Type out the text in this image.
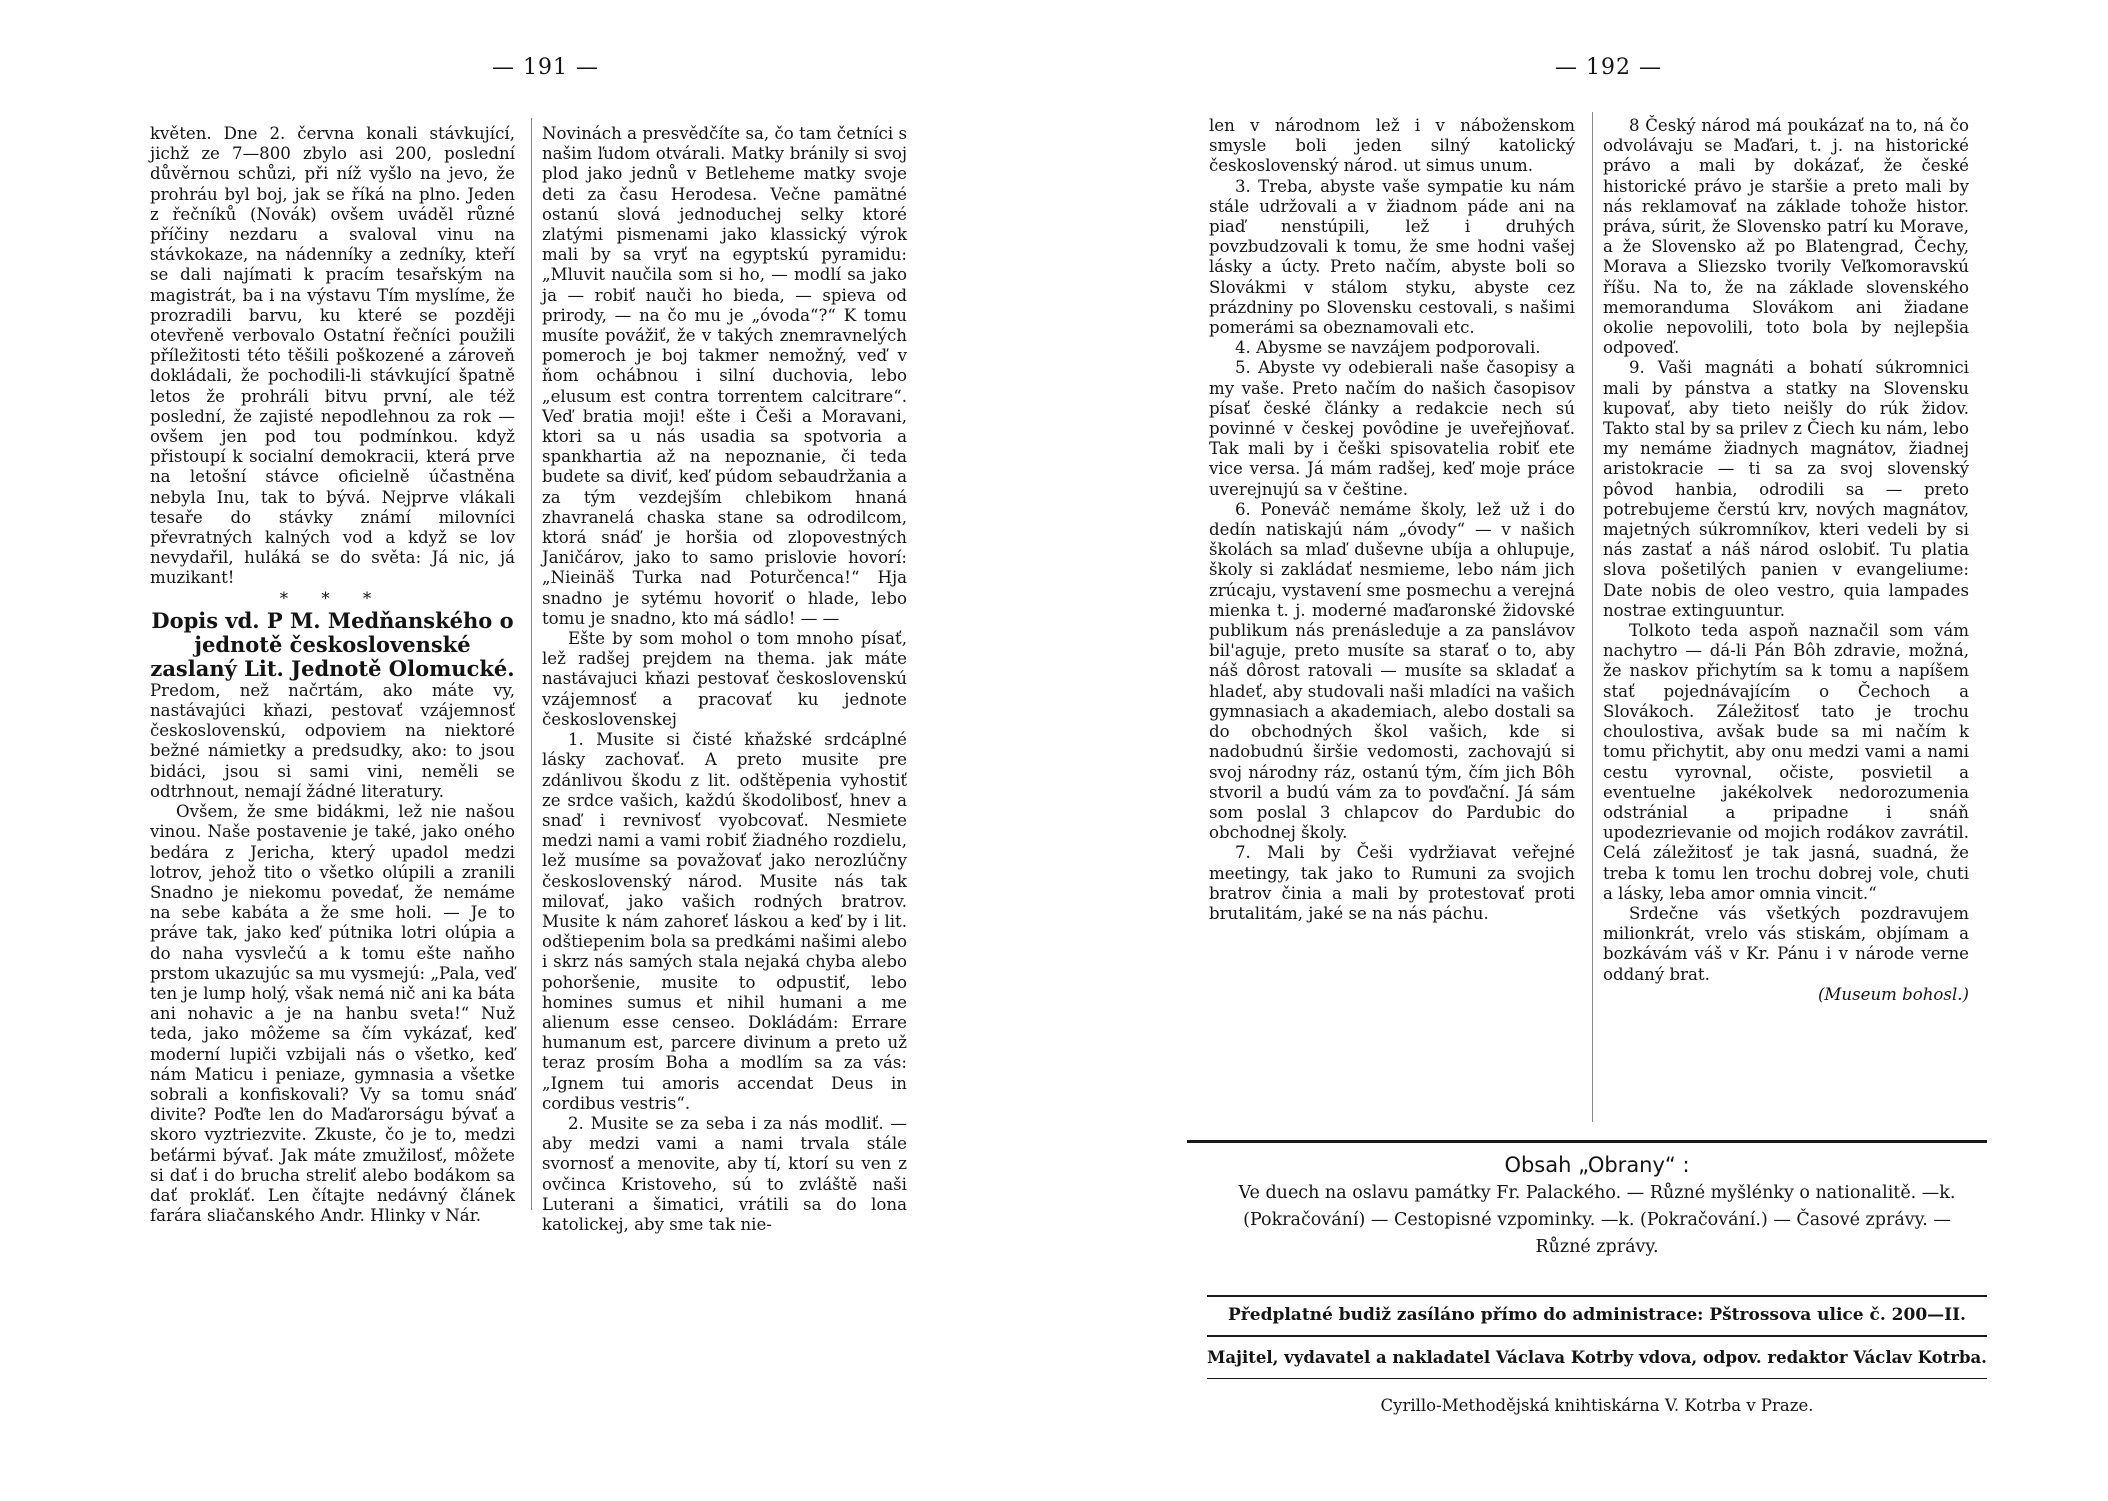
— 191 —	— 192 —

květen. Dne 2. června konali stávkující, jichž ze 7—800 zbylo asi 200, poslední důvěrnou schůzi, při níž vyšlo na jevo, že prohráu byl boj, jak se říká na plno. Jeden z řečníků (Novák) ovšem uváděl různé příčiny nezdaru a svaloval vinu na stávkokaze, na nádenníky a zedníky, kteří se dali najímati k pracím tesařským na magistrát, ba i na výstavu Tím myslíme, že prozradili barvu, ku které se později otevřeně verbovalo Ostatní řečníci použili příležitosti této těšili poškozené a zároveň dokládali, že pochodili-li stávkující špatně letos že prohráli bitvu první, ale též poslední, že zajisté nepodlehnou za rok — ovšem jen pod tou podmínkou. když přistoupí k socialní demokracii, která prve na letošní stávce oficielně účastněna nebyla Inu, tak to bývá. Nejprve vlákali tesaře do stávky známí milovníci převratných kalných vod a když se lov nevydařil, huláká se do světa: Já nic, já muzikant!

* * *

Dopis vd. P M. Medňanského o jednotě československé zaslaný Lit. Jednotě Olomucké.

Predom, než načrtám, ako máte vy, nastávajúci kňazi, pestovať vzájemnosť československú, odpoviem na niektoré bežné námietky a predsudky, ako: to jsou bidáci, jsou si sami vini, neměli se odtrhnout, nemají žádné literatury.

Ovšem, že sme bidákmi, lež nie našou vinou. Naše postavenie je také, jako oného bedára z Jericha, který upadol medzi lotrov, jehož tito o všetko olúpili a zranili Snadno je niekomu povedať, že nemáme na sebe kabáta a že sme holi. — Je to práve tak, jako keď pútnika lotri olúpia a do naha vysvlečú a k tomu ešte naňho prstom ukazujúc sa mu vysmejú: „Pala, veď ten je lump holý, však nemá nič ani ka báta ani nohavic a je na hanbu sveta!“ Nuž teda, jako môžeme sa čím vykázať, keď moderní lupiči vzbijali nás o všetko, keď nám Maticu i peniaze, gymnasia a všetke sobrali a konfiskovali? Vy sa tomu snáď divite? Poďte len do Maďarorságu bývať a skoro vyztriezvite. Zkuste, čo je to, medzi beťármi bývať. Jak máte zmužilosť, môžete si dať i do brucha streliť alebo bodákom sa dať prokláť. Len čítajte nedávný článek farára sliačanského Andr. Hlinky v Nár.

Novinách a presvědčíte sa, čo tam četníci s našim ľudom otvárali. Matky bránily si svoj plod jako jednů v Betleheme matky svoje deti za času Herodesa. Večne pamätné ostanú slová jednoduchej selky ktoré zlatými pismenami jako klassický výrok mali by sa vryť na egyptskú pyramidu: „Mluvit naučila som si ho, — modlí sa jako ja — robiť nauči ho bieda, — spieva od prirody, — na čo mu je „óvoda“?“ K tomu musíte povážiť, že v takých znemravnelých pomeroch je boj takmer nemožný, veď v ňom ochábnou i silní duchovia, lebo „elusum est contra torrentem calcitrare“. Veď bratia moji! ešte i Češi a Moravani, ktori sa u nás usadia sa spotvoria a spankhartia až na nepoznanie, či teda budete sa diviť, keď púdom sebaudržania a za tým vezdejším chlebikom hnaná zhavranelá chaska stane sa odrodilcom, ktorá snáď je horšia od zlopovestných Janičárov, jako to samo prislovie hovorí: „Nieinäš Turka nad Poturčenca!“ Hja snadno je sytému hovoriť o hlade, lebo tomu je snadno, kto má sádlo! — —

Ešte by som mohol o tom mnoho písať, lež radšej prejdem na thema. jak máte nastávajuci kňazi pestovať československú vzájemnosť a pracovať ku jednote československej

1. Musite si čisté kňažské srdcáplné lásky zachovať. A preto musite pre zdánlivou škodu z lit. odštěpenia vyhostiť ze srdce vašich, každú škodolibosť, hnev a snaď i revnivosť vyobcovať. Nesmiete medzi nami a vami robiť žiadného rozdielu, lež musíme sa považovať jako nerozlúčny československý národ. Musite nás tak milovať, jako vašich rodných bratrov. Musite k nám zahoreť láskou a keď by i lit. odštiepenim bola sa predkámi našimi alebo i skrz nás samých stala nejaká chyba alebo pohoršenie, musite to odpustiť, lebo homines sumus et nihil humani a me alienum esse censeo. Dokládám: Errare humanum est, parcere divinum a preto už teraz prosím Boha a modlím sa za vás: „Ignem tui amoris accendat Deus in cordibus vestris“.

2. Musite se za seba i za nás modliť. — aby medzi vami a nami trvala stále svornosť a menovite, aby tí, ktorí su ven z ovčinca Kristoveho, sú to zvláště naši Luterani a šimatici, vrátili sa do lona katolickej, aby sme tak nie-

len v národnom lež i v náboženskom smysle boli jeden silný katolický československý národ. ut simus unum.

3. Treba, abyste vaše sympatie ku nám stále udržovali a v žiadnom páde ani na piaď nenstúpili, lež i druhých povzbudzovali k tomu, že sme hodni vašej lásky a úcty. Preto načím, abyste boli so Slovákmi v stálom styku, abyste cez prázdniny po Slovensku cestovali, s našimi pomerámi sa obeznamovali etc.

4. Abysme se navzájem podporovali.

5. Abyste vy odebierali naše časopisy a my vaše. Preto načím do našich časopisov písať české články a redakcie nech sú povinné v českej povôdine je uveřejňovať. Tak mali by i češki spisovatelia robiť ete vice versa. Já mám radšej, keď moje práce uverejnujú sa v češtine.

6. Poneváč nemáme školy, lež už i do dedín natiskajú nám „óvody“ — v našich školách sa mlaď duševne ubíja a ohlupuje, školy si zakládať nesmieme, lebo nám jich zrúcaju, vystavení sme posmechu a verejná mienka t. j. moderné maďaronské židovské publikum nás prenásleduje a za panslávov bil'aguje, preto musíte sa starať o to, aby náš dôrost ratovali — musíte sa skladať a hladeť, aby studovali naši mladíci na vašich gymnasiach a akademiach, alebo dostali sa do obchodných škol vašich, kde si nadobudnú širšie vedomosti, zachovajú si svoj národny ráz, ostanú tým, čím jich Bôh stvoril a budú vám za to povďační. Já sám som poslal 3 chlapcov do Pardubic do obchodnej školy.

7. Mali by Češi vydržiavat veřejné meetingy, tak jako to Rumuni za svojich bratrov činia a mali by protestovať proti brutalitám, jaké se na nás páchu.

8 Český národ má poukázať na to, ná čo odvolávaju se Maďari, t. j. na historické právo a mali by dokázať, že české historické právo je staršie a preto mali by nás reklamovať na základe tohože histor. práva, súrit, že Slovensko patrí ku Morave, a že Slovensko až po Blatengrad, Čechy, Morava a Sliezsko tvorily Veľkomoravskú říšu. Na to, že na základe slovenského memoranduma Slovákom ani žiadane okolie nepovolili, toto bola by nejlepšia odpoveď.

9. Vaši magnáti a bohatí súkromnici mali by pánstva a statky na Slovensku kupovať, aby tieto neišly do rúk židov. Takto stal by sa prilev z Čiech ku nám, lebo my nemáme žiadnych magnátov, žiadnej aristokracie — ti sa za svoj slovenský pôvod hanbia, odrodili sa — preto potrebujeme čerstú krv, nových magnátov, majetných súkromníkov, kteri vedeli by si nás zastať a náš národ oslobiť. Tu platia slova pošetilých panien v evangeliume: Date nobis de oleo vestro, quia lampades nostrae extinguuntur.

Tolkoto teda aspoň naznačil som vám nachytro — dá-li Pán Bôh zdravie, možná, že naskov přichytím sa k tomu a napíšem stať pojednávajícím o Čechoch a Slovákoch. Záležitosť tato je trochu choulostiva, avšak bude sa mi načím k tomu přichytit, aby onu medzi vami a nami cestu vyrovnal, očiste, posvietil a eventuelne jakékolvek nedorozumenia odstránial a pripadne i snáň upodezrievanie od mojich rodákov zavrátil. Celá záležitosť je tak jasná, suadná, že treba k tomu len trochu dobrej vole, chuti a lásky, leba amor omnia vincit.“

Srdečne vás všetkých pozdravujem milionkrát, vrelo vás stiskám, objímam a bozkávám váš v Kr. Pánu i v národe verne oddaný brat.

(Museum bohosl.)

Obsah „Obrany“ :

Ve duech na oslavu památky Fr. Palackého. — Různé myšlénky o nationalitě. —k.

(Pokračování) — Cestopisné vzpominky. —k. (Pokračování.) — Časové zprávy. —

Různé zprávy.

Předplatné budiž zasíláno přímo do administrace: Pštrossova ulice č. 200—II.
Majitel, vydavatel a nakladatel Václava Kotrby vdova, odpov. redaktor Václav Kotrba.
Cyrillo-Methodějská knihtiskárna V. Kotrba v Praze.
